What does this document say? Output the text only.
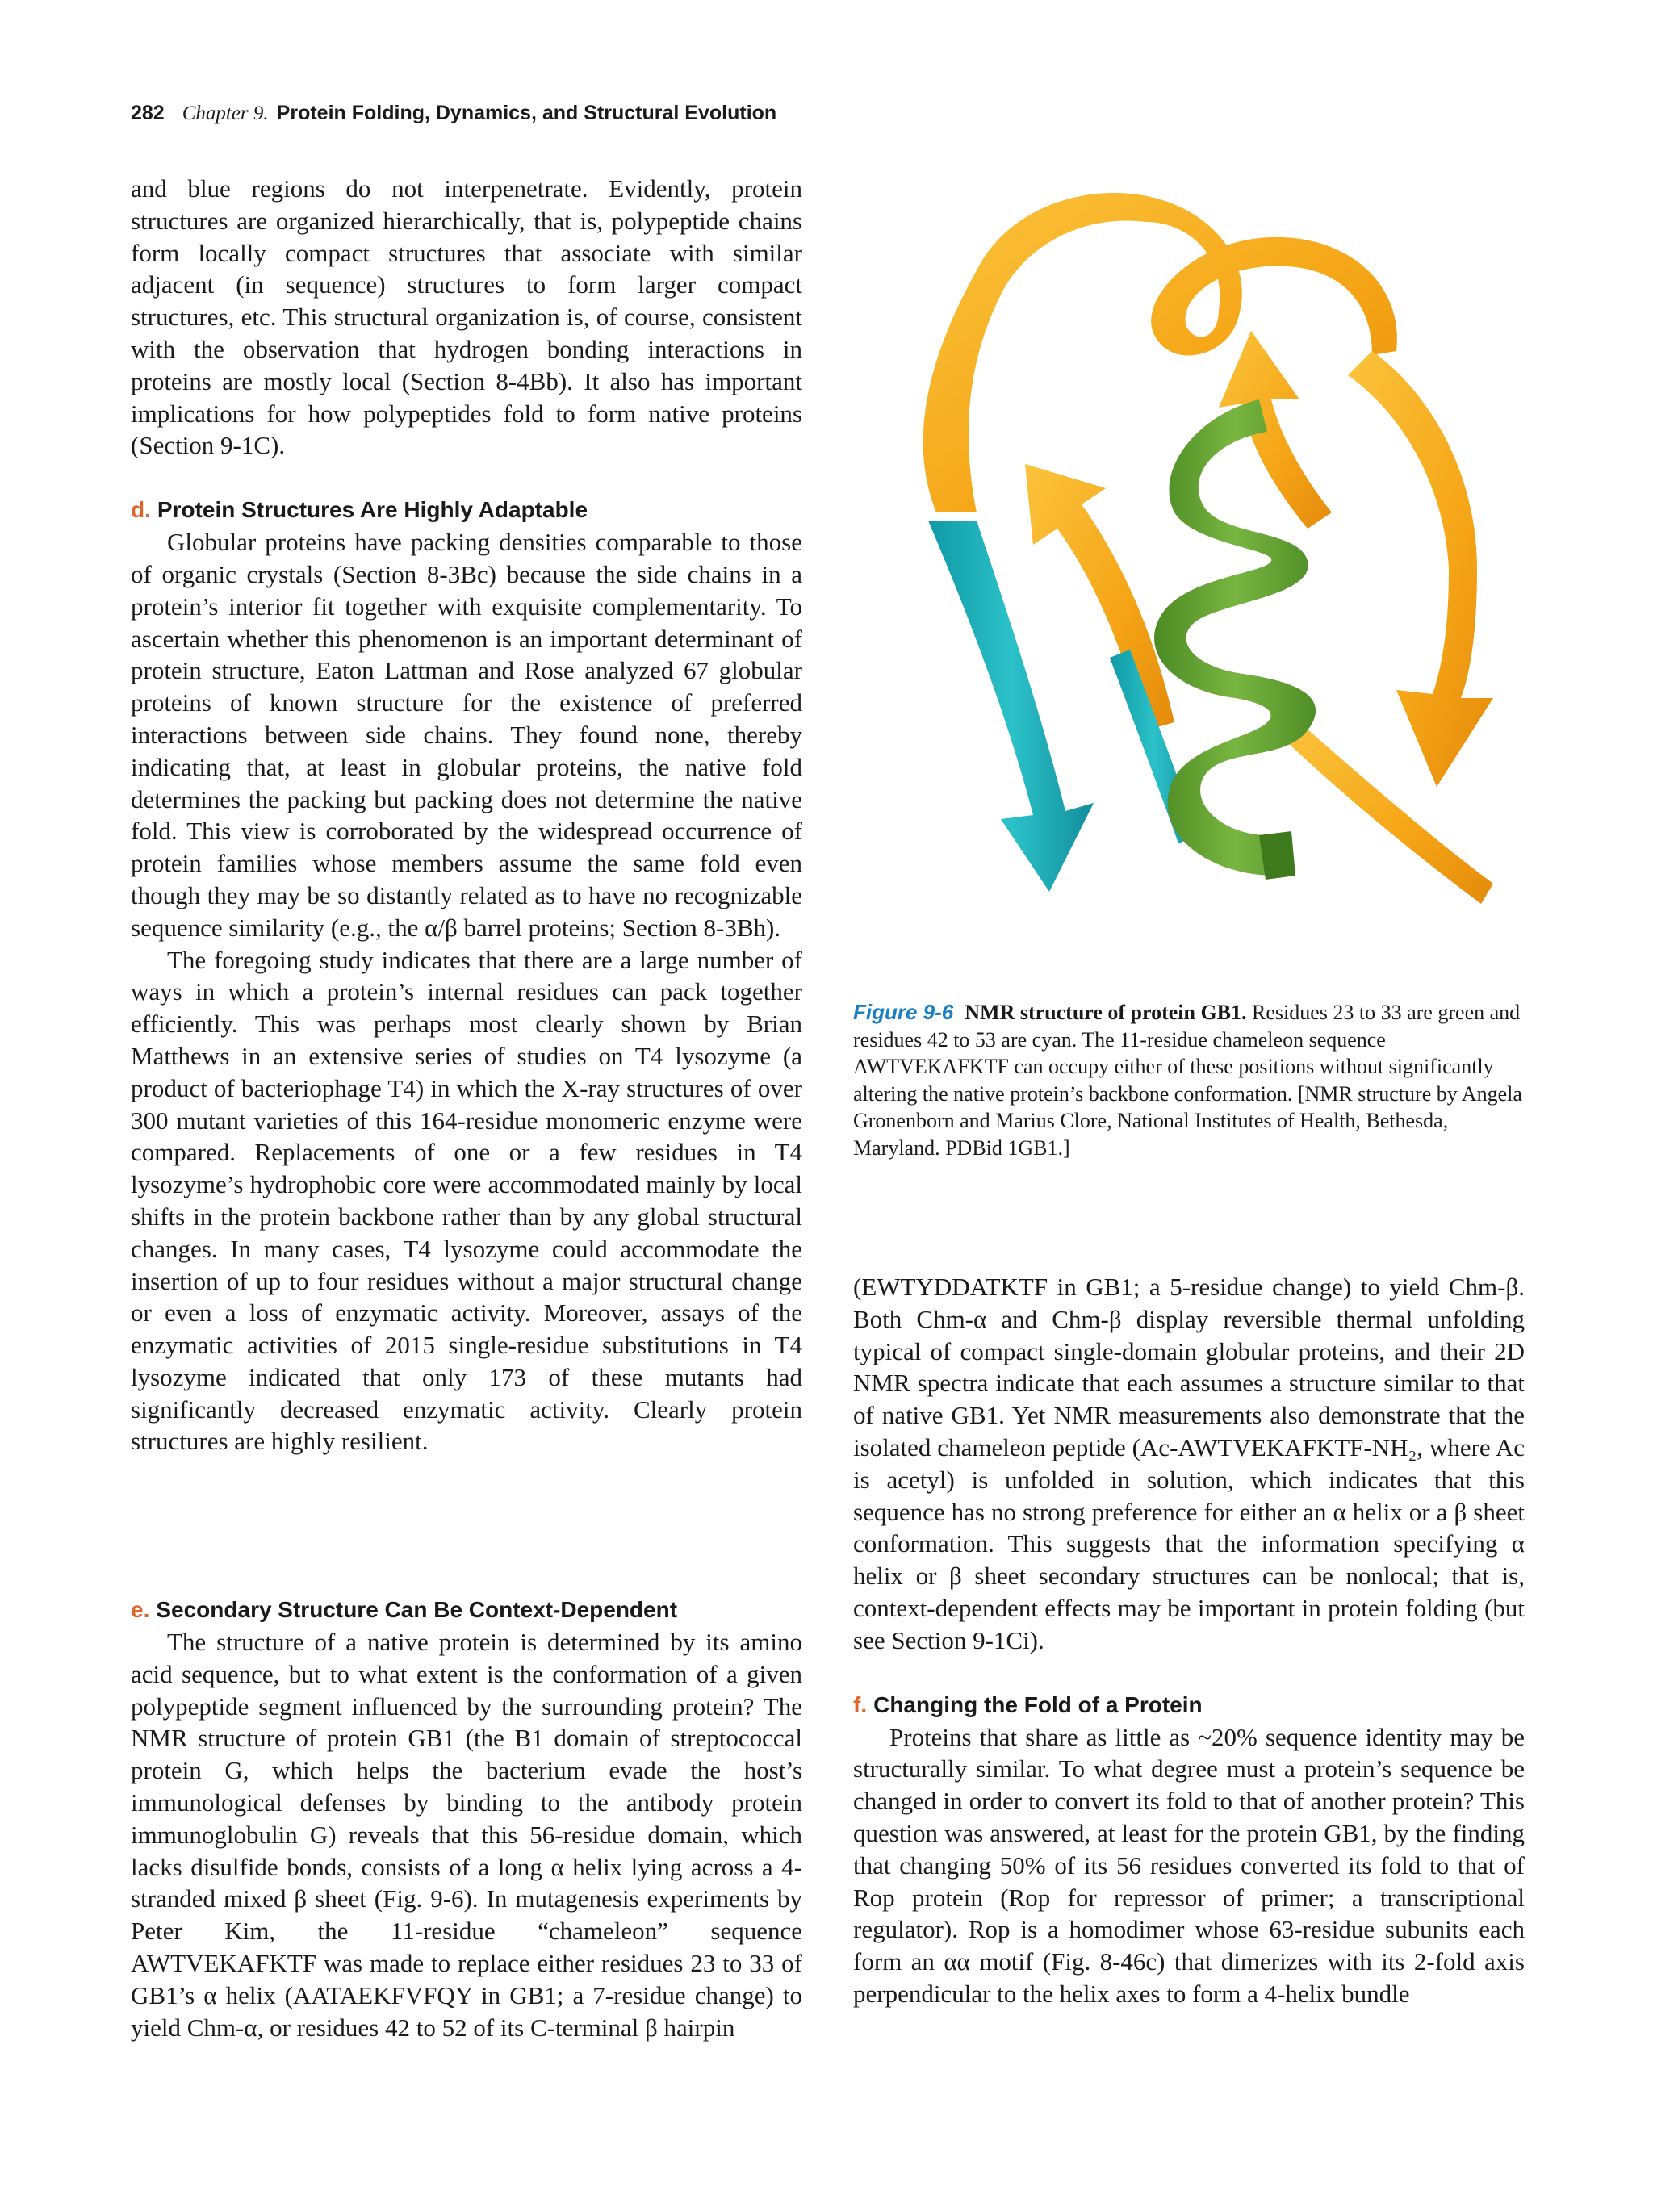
282 Chapter 9. Protein Folding, Dynamics, and Structural Evolution

and blue regions do not interpenetrate. Evidently, protein structures are organized hierarchically, that is, polypeptide chains form locally compact structures that associate with similar adjacent (in sequence) structures to form larger compact structures, etc. This structural organization is, of course, consistent with the observation that hydrogen bonding interactions in proteins are mostly local (Section 8-4Bb). It also has important implications for how polypeptides fold to form native proteins (Section 9-1C).

d. Protein Structures Are Highly Adaptable

Globular proteins have packing densities comparable to those of organic crystals (Section 8-3Bc) because the side chains in a protein’s interior fit together with exquisite complementarity. To ascertain whether this phenomenon is an important determinant of protein structure, Eaton Lattman and Rose analyzed 67 globular proteins of known structure for the existence of preferred interactions between side chains. They found none, thereby indicating that, at least in globular proteins, the native fold determines the packing but packing does not determine the native fold. This view is corroborated by the widespread occurrence of protein families whose members assume the same fold even though they may be so distantly related as to have no recognizable sequence similarity (e.g., the α/β barrel proteins; Section 8-3Bh).

The foregoing study indicates that there are a large number of ways in which a protein’s internal residues can pack together efficiently. This was perhaps most clearly shown by Brian Matthews in an extensive series of studies on T4 lysozyme (a product of bacteriophage T4) in which the X-ray structures of over 300 mutant varieties of this 164-residue monomeric enzyme were compared. Replacements of one or a few residues in T4 lysozyme’s hydrophobic core were accommodated mainly by local shifts in the protein backbone rather than by any global structural changes. In many cases, T4 lysozyme could accommodate the insertion of up to four residues without a major structural change or even a loss of enzymatic activity. Moreover, assays of the enzymatic activities of 2015 single-residue substitutions in T4 lysozyme indicated that only 173 of these mutants had significantly decreased enzymatic activity. Clearly protein structures are highly resilient.

e. Secondary Structure Can Be Context-Dependent

The structure of a native protein is determined by its amino acid sequence, but to what extent is the conformation of a given polypeptide segment influenced by the surrounding protein? The NMR structure of protein GB1 (the B1 domain of streptococcal protein G, which helps the bacterium evade the host’s immunological defenses by binding to the antibody protein immunoglobulin G) reveals that this 56-residue domain, which lacks disulfide bonds, consists of a long α helix lying across a 4-stranded mixed β sheet (Fig. 9-6). In mutagenesis experiments by Peter Kim, the 11-residue “chameleon” sequence AWTVEKAFKTF was made to replace either residues 23 to 33 of GB1’s α helix (AATAEKFVFQY in GB1; a 7-residue change) to yield Chm-α, or residues 42 to 52 of its C-terminal β hairpin

Figure 9-6 NMR structure of protein GB1. Residues 23 to 33 are green and residues 42 to 53 are cyan. The 11-residue chameleon sequence AWTVEKAFKTF can occupy either of these positions without significantly altering the native protein’s backbone conformation. [NMR structure by Angela Gronenborn and Marius Clore, National Institutes of Health, Bethesda, Maryland. PDBid 1GB1.]

(EWTYDDATKTF in GB1; a 5-residue change) to yield Chm-β. Both Chm-α and Chm-β display reversible thermal unfolding typical of compact single-domain globular proteins, and their 2D NMR spectra indicate that each assumes a structure similar to that of native GB1. Yet NMR measurements also demonstrate that the isolated chameleon peptide (Ac-AWTVEKAFKTF-NH₂, where Ac is acetyl) is unfolded in solution, which indicates that this sequence has no strong preference for either an α helix or a β sheet conformation. This suggests that the information specifying α helix or β sheet secondary structures can be nonlocal; that is, context-dependent effects may be important in protein folding (but see Section 9-1Ci).

f. Changing the Fold of a Protein

Proteins that share as little as ~20% sequence identity may be structurally similar. To what degree must a protein’s sequence be changed in order to convert its fold to that of another protein? This question was answered, at least for the protein GB1, by the finding that changing 50% of its 56 residues converted its fold to that of Rop protein (Rop for repressor of primer; a transcriptional regulator). Rop is a homodimer whose 63-residue subunits each form an αα motif (Fig. 8-46c) that dimerizes with its 2-fold axis perpendicular to the helix axes to form a 4-helix bundle
